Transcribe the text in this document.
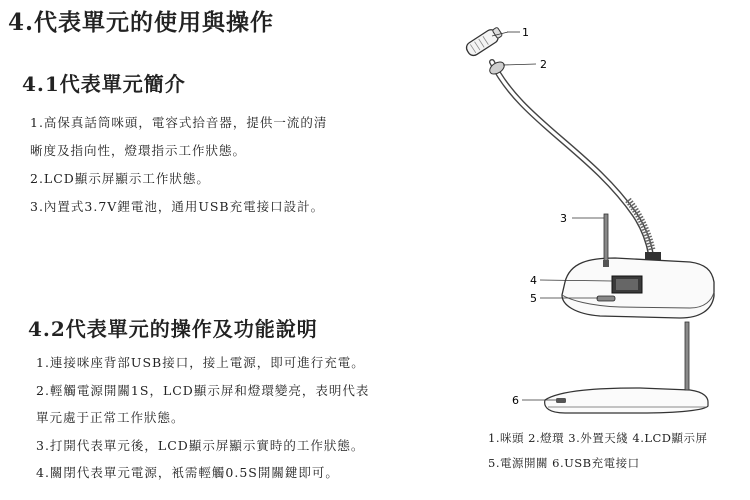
4.代表單元的使用與操作
4.1代表單元簡介
1.高保真話筒咪頭，電容式拾音器，提供一流的清
晰度及指向性，燈環指示工作狀態。
2.LCD顯示屏顯示工作狀態。
3.內置式3.7V鋰電池，通用USB充電接口設計。
4.2代表單元的操作及功能說明
1.連接咪座背部USB接口，接上電源，即可進行充電。
2.輕觸電源開關1S，LCD顯示屏和燈環變亮，表明代表
單元處于正常工作狀態。
3.打開代表單元後，LCD顯示屏顯示實時的工作狀態。
4.關閉代表單元電源，衹需輕觸0.5S開關鍵即可。
1
2
3
4
5
6
1.咪頭 2.燈環 3.外置天綫 4.LCD顯示屏
5.電源開關 6.USB充電接口
